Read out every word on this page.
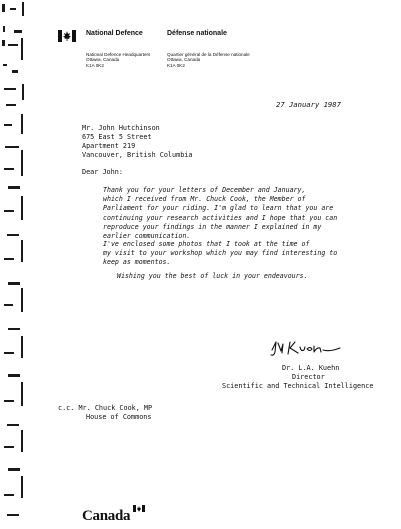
National Defence	Défense nationale
National Defence Headquarters
Ottawa, Canada
K1A 0K2
Quartier général de la Défense nationale
Ottawa, Canada
K1A 0K2
27 January 1987
Mr. John Hutchinson
675 East 5 Street
Apartment 219
Vancouver, British Columbia
Dear John:
Thank you for your letters of December and January,
which I received from Mr. Chuck Cook, the Member of
Parliament for your riding. I'm glad to learn that you are
continuing your research activities and I hope that you can
reproduce your findings in the manner I explained in my
earlier communication.
I've enclosed some photos that I took at the time of
my visit to your workshop which you may find interesting to
keep as momentos.
Wishing you the best of luck in your endeavours.
Dr. L.A. Kuehn
Director
Scientific and Technical Intelligence
c.c. Mr. Chuck Cook, MP
House of Commons
Canada
